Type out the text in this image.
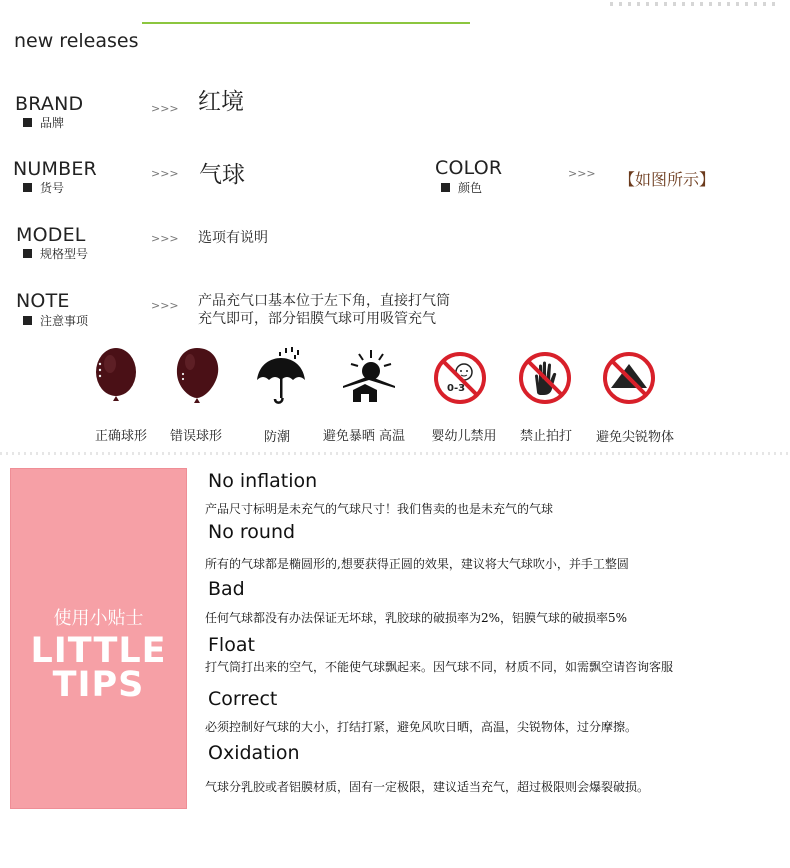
new releases
BRAND
品牌
>>> 红境
NUMBER
货号
>>> 气球	COLOR
颜色
>>> 【如图所示】
MODEL
规格型号
>>> 选项有说明
NOTE
注意事项
>>> 产品充气口基本位于左下角，直接打气筒
充气即可，部分铝膜气球可用吸管充气
0-3
正确球形	错误球形	防潮	避免暴晒 高温	婴幼儿禁用	禁止拍打	避免尖锐物体
使用小贴士
LITTLE
TIPS
No inflation
产品尺寸标明是未充气的气球尺寸！我们售卖的也是未充气的气球
No round
所有的气球都是椭圆形的,想要获得正圆的效果，建议将大气球吹小，并手工整圆
Bad
任何气球都没有办法保证无坏球，乳胶球的破损率为2%，铝膜气球的破损率5%
Float
打气筒打出来的空气，不能使气球飘起来。因气球不同，材质不同，如需飘空请咨询客服
Correct
必须控制好气球的大小，打结打紧，避免风吹日晒，高温，尖锐物体，过分摩擦。
Oxidation
气球分乳胶或者铝膜材质，固有一定极限，建议适当充气，超过极限则会爆裂破损。
